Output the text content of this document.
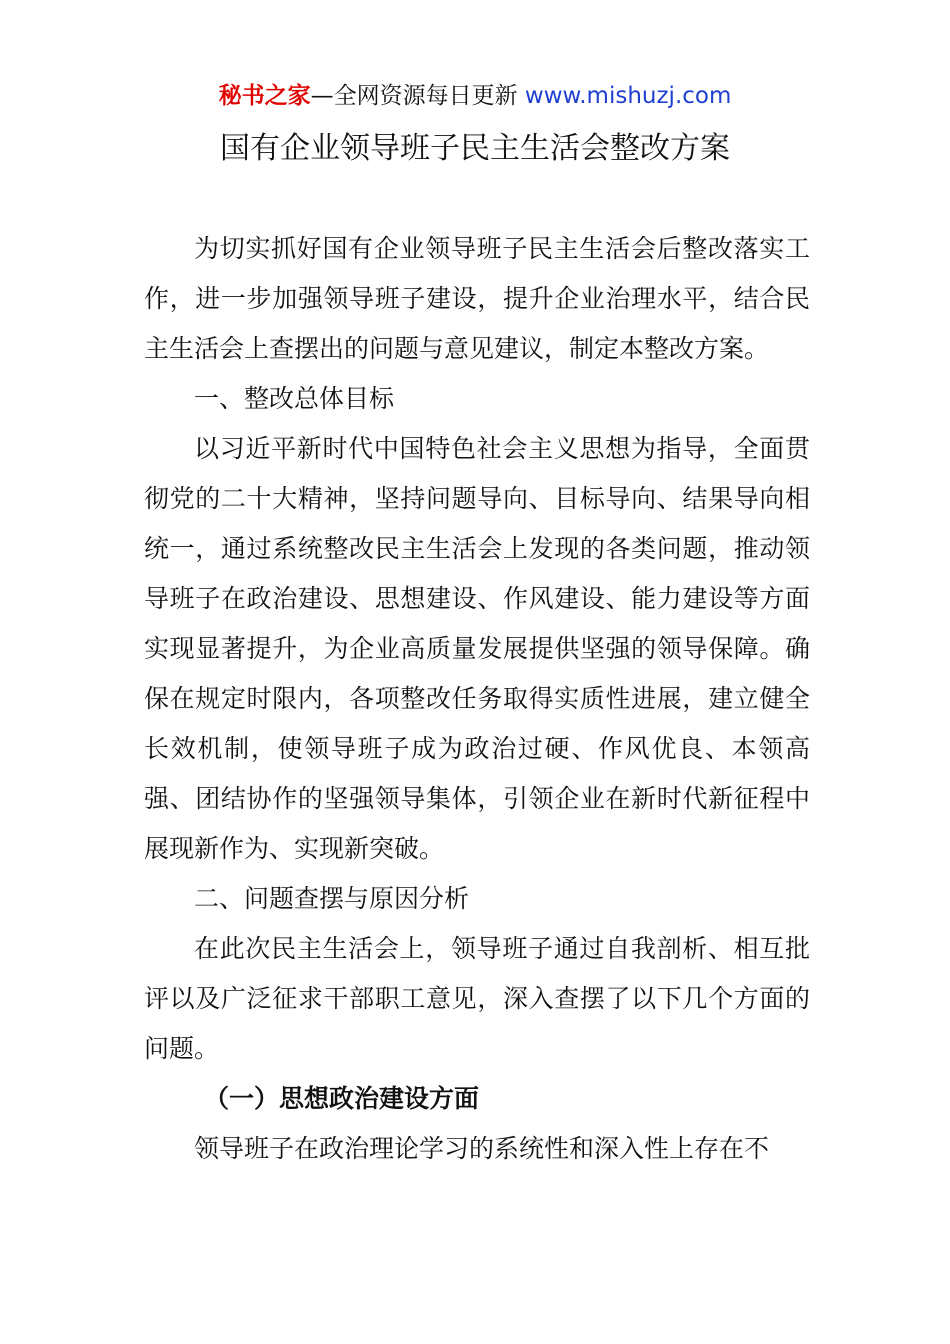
秘书之家—全网资源每日更新 www.mishuzj.com
国有企业领导班子民主生活会整改方案

为切实抓好国有企业领导班子民主生活会后整改落实工作，进一步加强领导班子建设，提升企业治理水平，结合民主生活会上查摆出的问题与意见建议，制定本整改方案。

一、整改总体目标

以习近平新时代中国特色社会主义思想为指导，全面贯彻党的二十大精神，坚持问题导向、目标导向、结果导向相统一，通过系统整改民主生活会上发现的各类问题，推动领导班子在政治建设、思想建设、作风建设、能力建设等方面实现显著提升，为企业高质量发展提供坚强的领导保障。确保在规定时限内，各项整改任务取得实质性进展，建立健全长效机制，使领导班子成为政治过硬、作风优良、本领高强、团结协作的坚强领导集体，引领企业在新时代新征程中展现新作为、实现新突破。

二、问题查摆与原因分析

在此次民主生活会上，领导班子通过自我剖析、相互批评以及广泛征求干部职工意见，深入查摆了以下几个方面的问题。

（一）思想政治建设方面

领导班子在政治理论学习的系统性和深入性上存在不
